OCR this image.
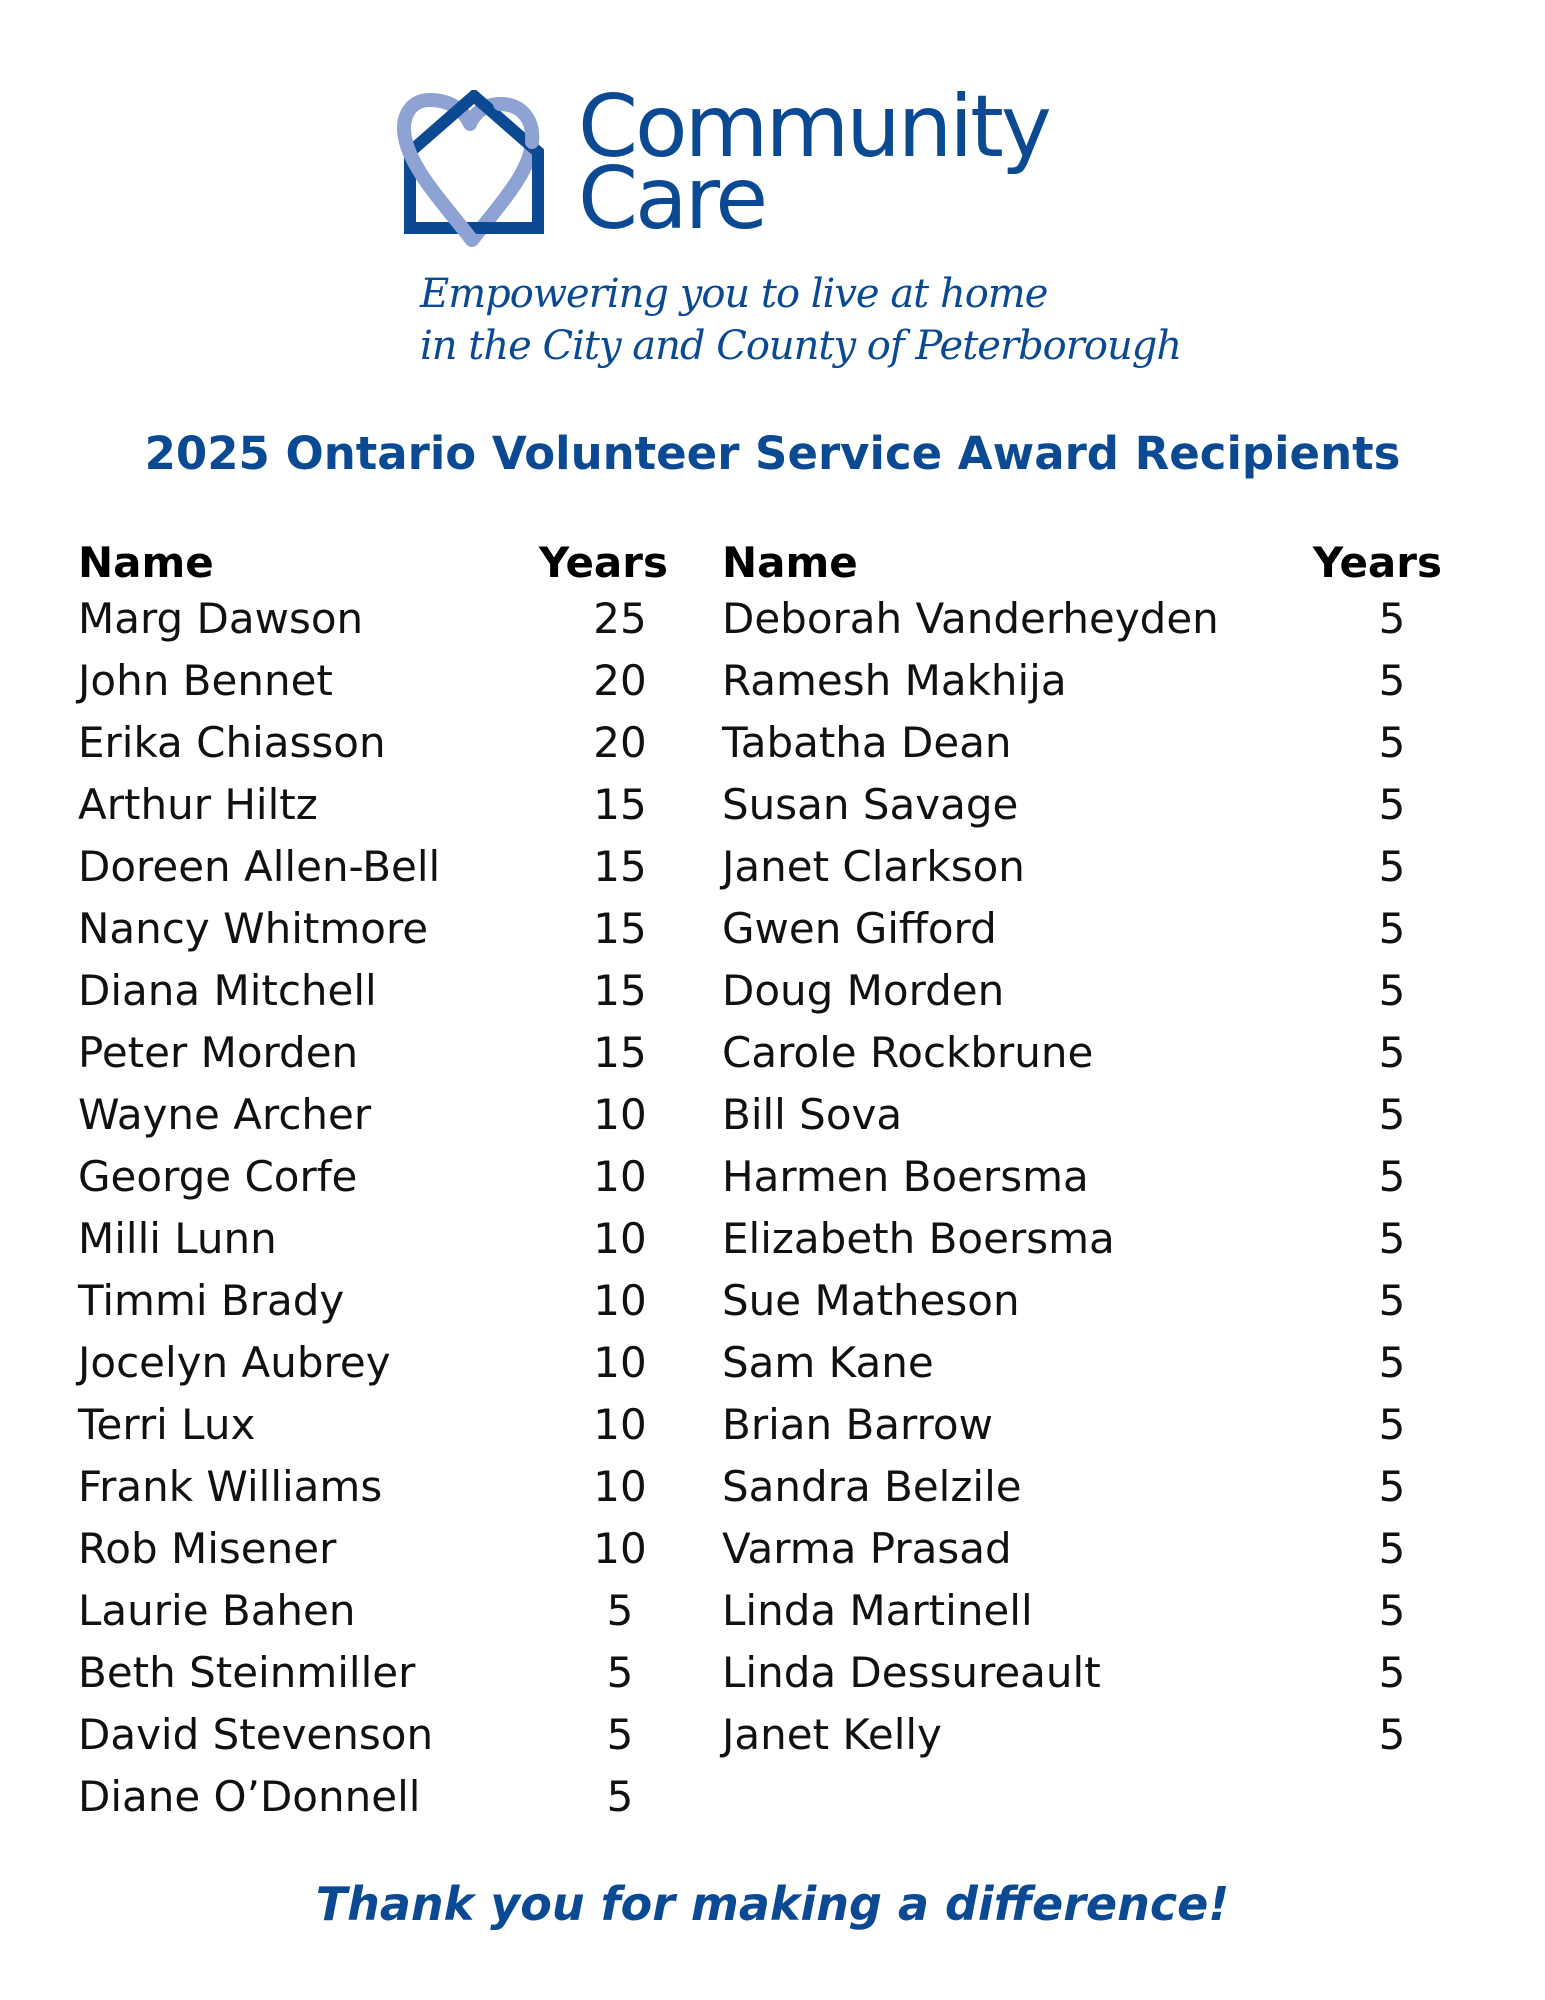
Community
Care
Empowering you to live at home
in the City and County of Peterborough
2025 Ontario Volunteer Service Award Recipients
Name	Years
Marg Dawson	25
John Bennet	20
Erika Chiasson	20
Arthur Hiltz	15
Doreen Allen-Bell	15
Nancy Whitmore	15
Diana Mitchell	15
Peter Morden	15
Wayne Archer	10
George Corfe	10
Milli Lunn	10
Timmi Brady	10
Jocelyn Aubrey	10
Terri Lux	10
Frank Williams	10
Rob Misener	10
Laurie Bahen	5
Beth Steinmiller	5
David Stevenson	5
Diane O’Donnell	5
Name	Years
Deborah Vanderheyden	5
Ramesh Makhija	5
Tabatha Dean	5
Susan Savage	5
Janet Clarkson	5
Gwen Gifford	5
Doug Morden	5
Carole Rockbrune	5
Bill Sova	5
Harmen Boersma	5
Elizabeth Boersma	5
Sue Matheson	5
Sam Kane	5
Brian Barrow	5
Sandra Belzile	5
Varma Prasad	5
Linda Martinell	5
Linda Dessureault	5
Janet Kelly	5
Thank you for making a difference!
